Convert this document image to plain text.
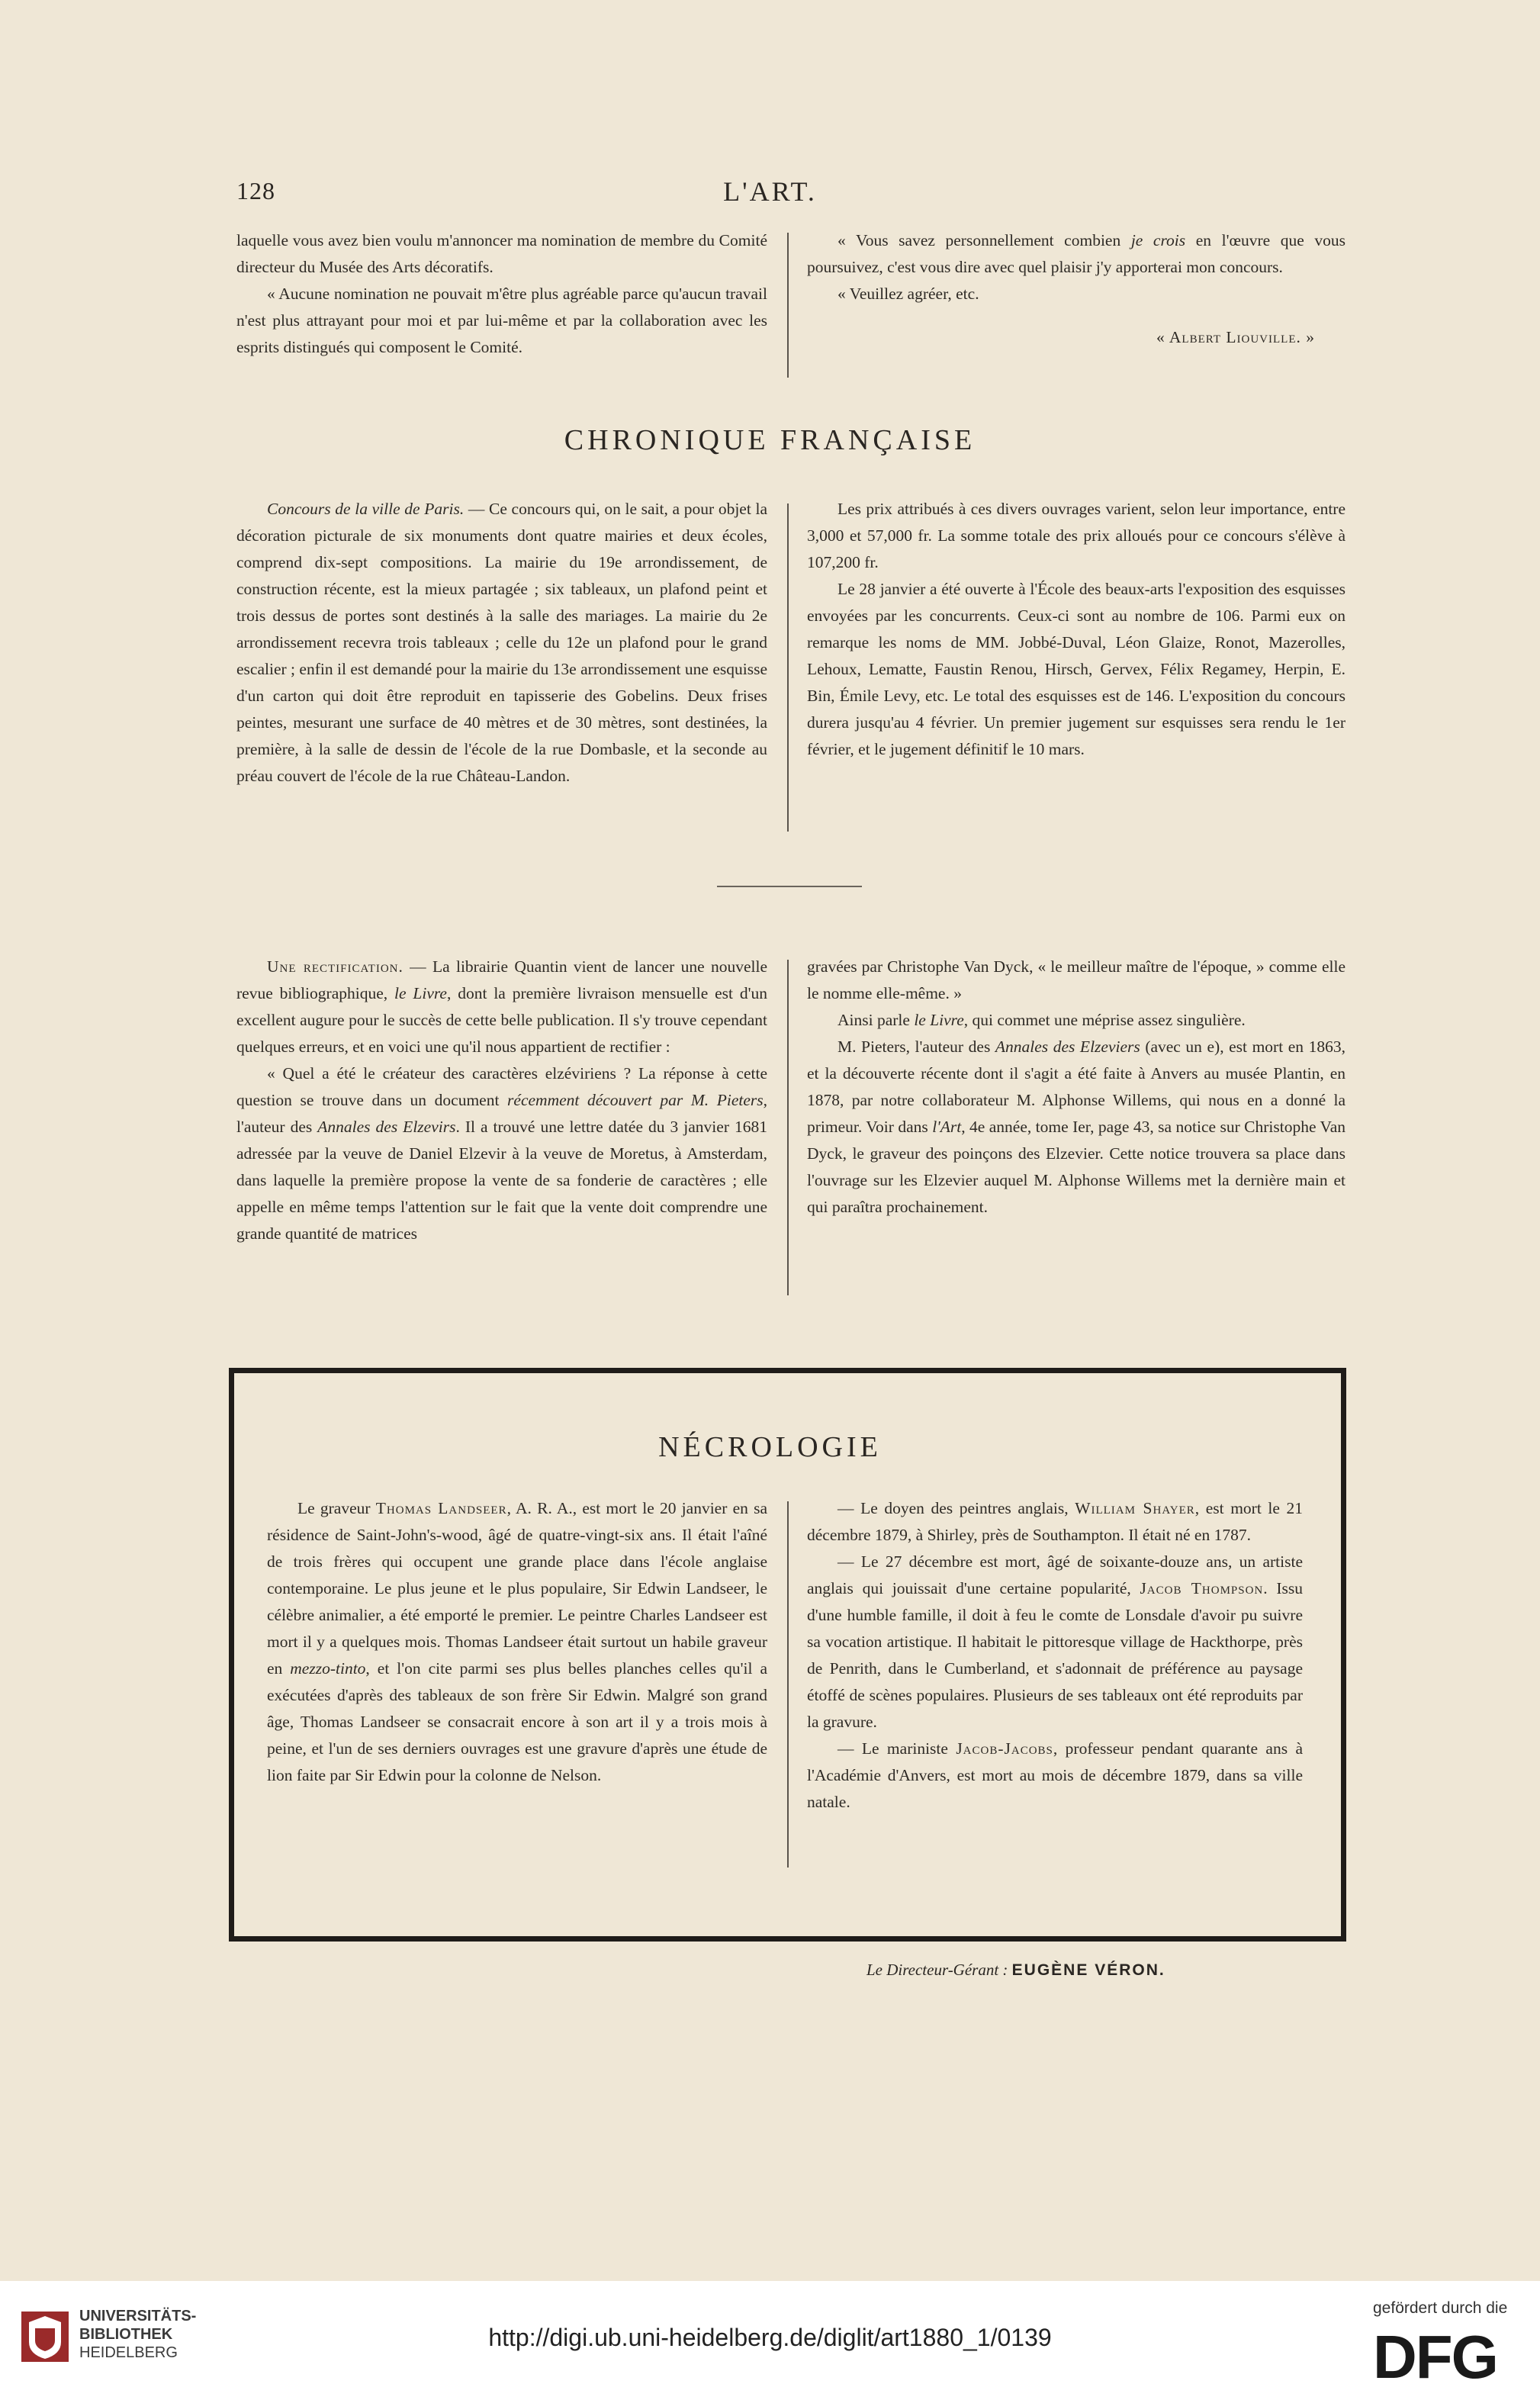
128	L'ART.

laquelle vous avez bien voulu m'annoncer ma nomination de membre du Comité directeur du Musée des Arts décoratifs.

« Aucune nomination ne pouvait m'être plus agréable parce qu'aucun travail n'est plus attrayant pour moi et par lui-même et par la collaboration avec les esprits distingués qui composent le Comité.

« Vous savez personnellement combien je crois en l'œuvre que vous poursuivez, c'est vous dire avec quel plaisir j'y apporterai mon concours.

« Veuillez agréer, etc.

« Albert Liouville. »

CHRONIQUE FRANÇAISE

Concours de la ville de Paris. — Ce concours qui, on le sait, a pour objet la décoration picturale de six monuments dont quatre mairies et deux écoles, comprend dix-sept compositions. La mairie du 19e arrondissement, de construction récente, est la mieux partagée ; six tableaux, un plafond peint et trois dessus de portes sont destinés à la salle des mariages. La mairie du 2e arrondissement recevra trois tableaux ; celle du 12e un plafond pour le grand escalier ; enfin il est demandé pour la mairie du 13e arrondissement une esquisse d'un carton qui doit être reproduit en tapisserie des Gobelins. Deux frises peintes, mesurant une surface de 40 mètres et de 30 mètres, sont destinées, la première, à la salle de dessin de l'école de la rue Dombasle, et la seconde au préau couvert de l'école de la rue Château-Landon.

Les prix attribués à ces divers ouvrages varient, selon leur importance, entre 3,000 et 57,000 fr. La somme totale des prix alloués pour ce concours s'élève à 107,200 fr.

Le 28 janvier a été ouverte à l'École des beaux-arts l'exposition des esquisses envoyées par les concurrents. Ceux-ci sont au nombre de 106. Parmi eux on remarque les noms de MM. Jobbé-Duval, Léon Glaize, Ronot, Mazerolles, Lehoux, Lematte, Faustin Renou, Hirsch, Gervex, Félix Regamey, Herpin, E. Bin, Émile Levy, etc. Le total des esquisses est de 146. L'exposition du concours durera jusqu'au 4 février. Un premier jugement sur esquisses sera rendu le 1er février, et le jugement définitif le 10 mars.

Une rectification. — La librairie Quantin vient de lancer une nouvelle revue bibliographique, le Livre, dont la première livraison mensuelle est d'un excellent augure pour le succès de cette belle publication. Il s'y trouve cependant quelques erreurs, et en voici une qu'il nous appartient de rectifier :

« Quel a été le créateur des caractères elzéviriens ? La réponse à cette question se trouve dans un document récemment découvert par M. Pieters, l'auteur des Annales des Elzevirs. Il a trouvé une lettre datée du 3 janvier 1681 adressée par la veuve de Daniel Elzevir à la veuve de Moretus, à Amsterdam, dans laquelle la première propose la vente de sa fonderie de caractères ; elle appelle en même temps l'attention sur le fait que la vente doit comprendre une grande quantité de matrices

gravées par Christophe Van Dyck, « le meilleur maître de l'époque, » comme elle le nomme elle-même. »

Ainsi parle le Livre, qui commet une méprise assez singulière.

M. Pieters, l'auteur des Annales des Elzeviers (avec un e), est mort en 1863, et la découverte récente dont il s'agit a été faite à Anvers au musée Plantin, en 1878, par notre collaborateur M. Alphonse Willems, qui nous en a donné la primeur. Voir dans l'Art, 4e année, tome Ier, page 43, sa notice sur Christophe Van Dyck, le graveur des poinçons des Elzevier. Cette notice trouvera sa place dans l'ouvrage sur les Elzevier auquel M. Alphonse Willems met la dernière main et qui paraîtra prochainement.

NÉCROLOGIE

Le graveur Thomas Landseer, A. R. A., est mort le 20 janvier en sa résidence de Saint-John's-wood, âgé de quatre-vingt-six ans. Il était l'aîné de trois frères qui occupent une grande place dans l'école anglaise contemporaine. Le plus jeune et le plus populaire, Sir Edwin Landseer, le célèbre animalier, a été emporté le premier. Le peintre Charles Landseer est mort il y a quelques mois. Thomas Landseer était surtout un habile graveur en mezzo-tinto, et l'on cite parmi ses plus belles planches celles qu'il a exécutées d'après des tableaux de son frère Sir Edwin. Malgré son grand âge, Thomas Landseer se consacrait encore à son art il y a trois mois à peine, et l'un de ses derniers ouvrages est une gravure d'après une étude de lion faite par Sir Edwin pour la colonne de Nelson.

— Le doyen des peintres anglais, William Shayer, est mort le 21 décembre 1879, à Shirley, près de Southampton. Il était né en 1787.

— Le 27 décembre est mort, âgé de soixante-douze ans, un artiste anglais qui jouissait d'une certaine popularité, Jacob Thompson. Issu d'une humble famille, il doit à feu le comte de Lonsdale d'avoir pu suivre sa vocation artistique. Il habitait le pittoresque village de Hackthorpe, près de Penrith, dans le Cumberland, et s'adonnait de préférence au paysage étoffé de scènes populaires. Plusieurs de ses tableaux ont été reproduits par la gravure.

— Le mariniste Jacob-Jacobs, professeur pendant quarante ans à l'Académie d'Anvers, est mort au mois de décembre 1879, dans sa ville natale.

Le Directeur-Gérant : EUGÈNE VÉRON.
UNIVERSITÄTS-
BIBLIOTHEK
HEIDELBERG
http://digi.ub.uni-heidelberg.de/diglit/art1880_1/0139
gefördert durch die
DFG
